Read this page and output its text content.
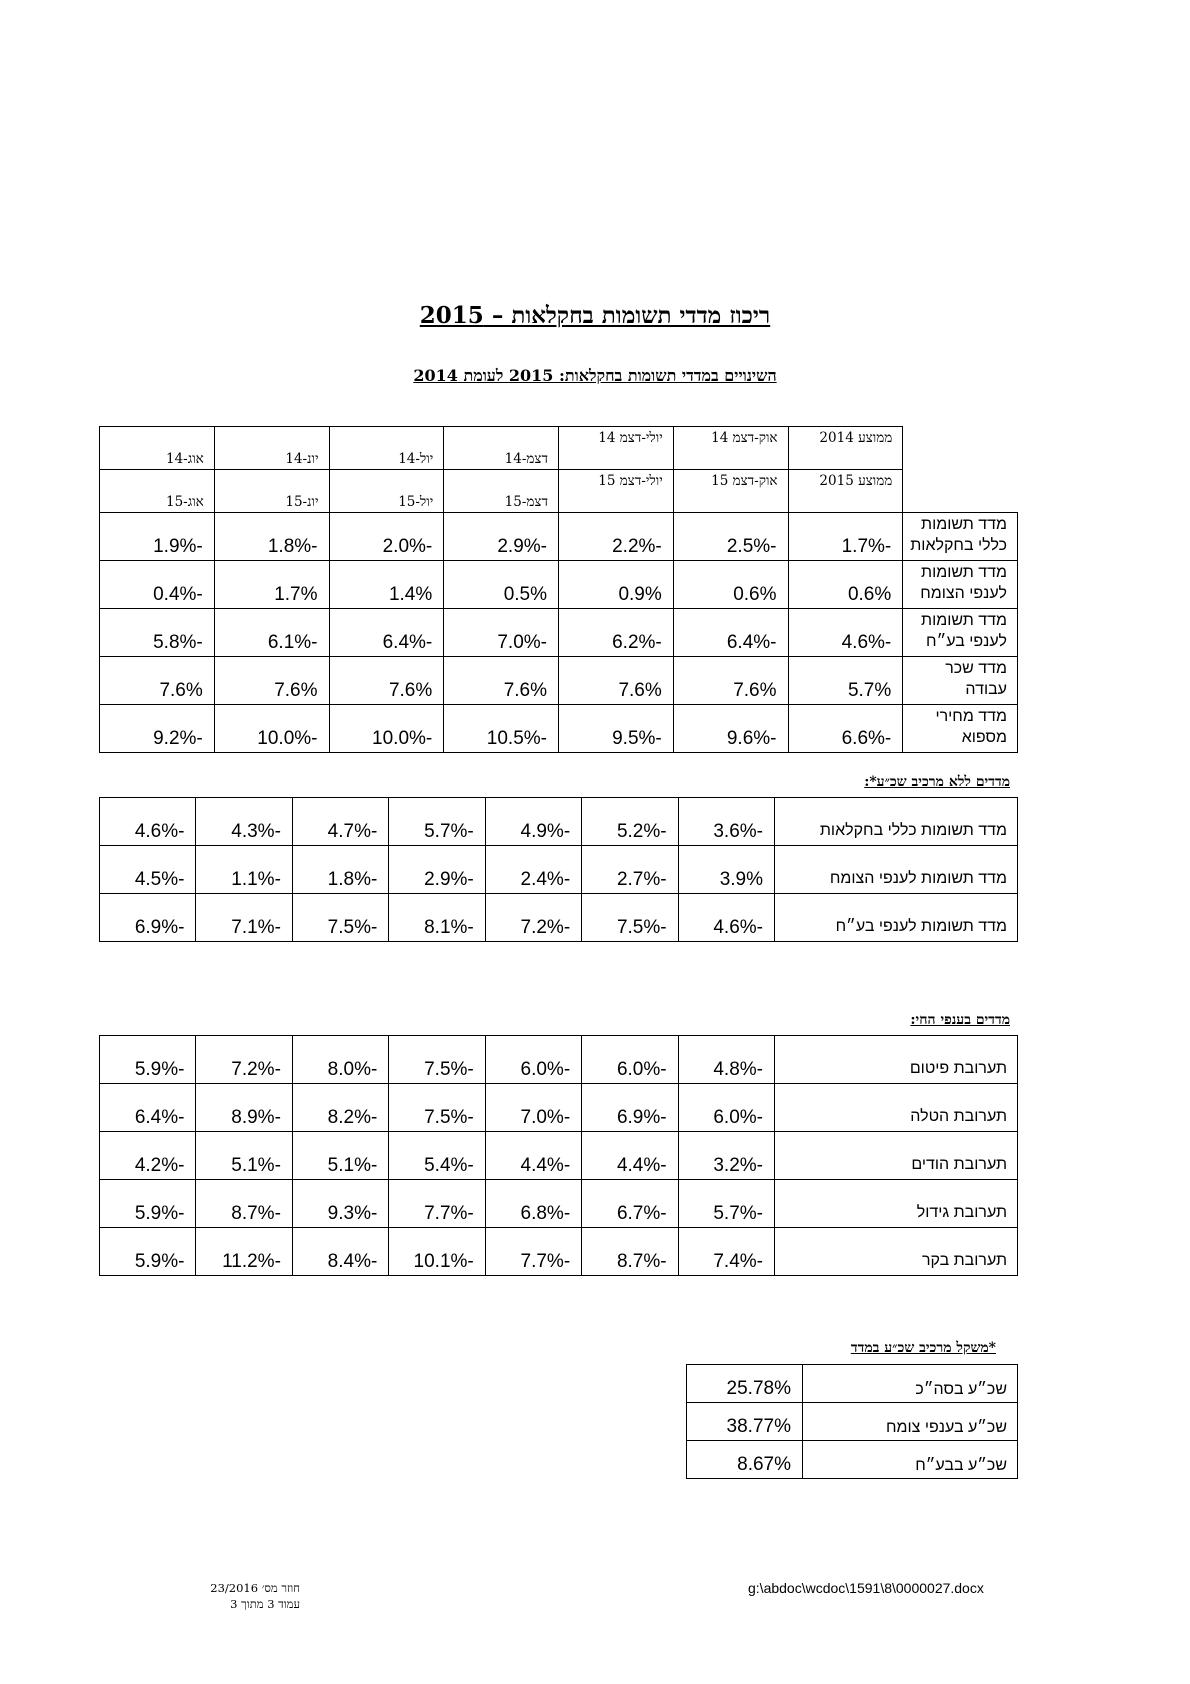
ריכוז מדדי תשומות בחקלאות – 2015
השינויים במדדי תשומות בחקלאות: 2015 לעומת 2014

	ממוצע 2014	אוק-דצמ 14	יולי-דצמ 14	דצמ-14	יול-14	יונ-14	אוג-14

	ממוצע 2015	אוק-דצמ 15	יולי-דצמ 15	דצמ-15	יול-15	יונ-15	אוג-15

מדד תשומות כללי בחקלאות	-1.7%	-2.5%	-2.2%	-2.9%	-2.0%	-1.8%	-1.9%
מדד תשומות לענפי הצומח	0.6%	0.6%	0.9%	0.5%	1.4%	1.7%	-0.4%
מדד תשומות לענפי בע״ח	-4.6%	-6.4%	-6.2%	-7.0%	-6.4%	-6.1%	-5.8%
מדד שכר עבודה	5.7%	7.6%	7.6%	7.6%	7.6%	7.6%	7.6%
מדד מחירי מספוא	-6.6%	-9.6%	-9.5%	-10.5%	-10.0%	-10.0%	-9.2%
מדדים ללא מרכיב שכ״ע*:
מדד תשומות כללי בחקלאות	-3.6%	-5.2%	-4.9%	-5.7%	-4.7%	-4.3%	-4.6%
מדד תשומות לענפי הצומח	3.9%	-2.7%	-2.4%	-2.9%	-1.8%	-1.1%	-4.5%
מדד תשומות לענפי בע״ח	-4.6%	-7.5%	-7.2%	-8.1%	-7.5%	-7.1%	-6.9%
מדדים בענפי החי:
תערובת פיטום	-4.8%	-6.0%	-6.0%	-7.5%	-8.0%	-7.2%	-5.9%
תערובת הטלה	-6.0%	-6.9%	-7.0%	-7.5%	-8.2%	-8.9%	-6.4%
תערובת הודים	-3.2%	-4.4%	-4.4%	-5.4%	-5.1%	-5.1%	-4.2%
תערובת גידול	-5.7%	-6.7%	-6.8%	-7.7%	-9.3%	-8.7%	-5.9%
תערובת בקר	-7.4%	-8.7%	-7.7%	-10.1%	-8.4%	-11.2%	-5.9%
*משקל מרכיב שכ״ע במדד
שכ״ע בסה״כ	25.78%
שכ״ע בענפי צומח	38.77%
שכ״ע בבע״ח	8.67%
חוזר מס׳ 23/2016
עמוד 3 מתוך 3
g:\abdoc\wcdoc\1591\8\0000027.docx
